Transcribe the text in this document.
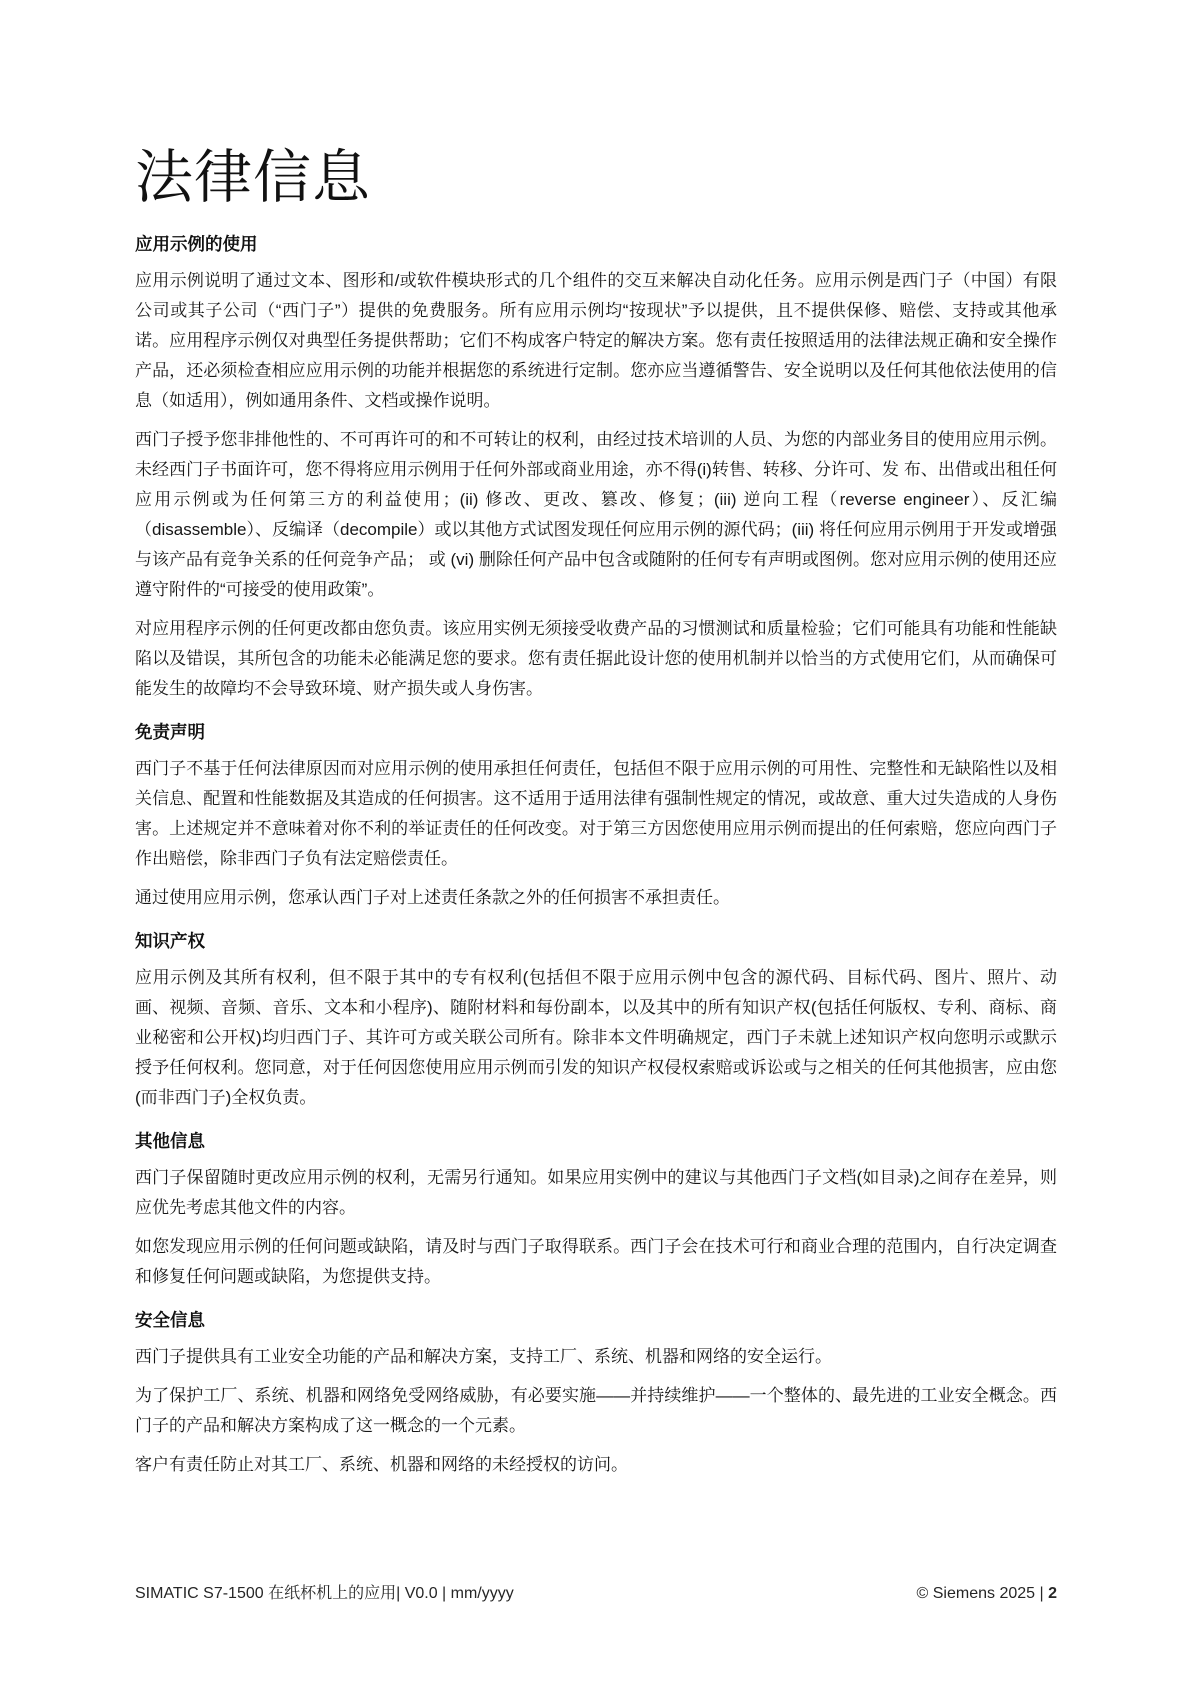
法律信息
应用示例的使用

应用示例说明了通过文本、图形和/或软件模块形式的几个组件的交互来解决自动化任务。应用示例是西门子（中国）有限公司或其子公司（“西门子”）提供的免费服务。所有应用示例均“按现状”予以提供，且不提供保修、赔偿、支持或其他承诺。应用程序示例仅对典型任务提供帮助；它们不构成客户特定的解决方案。您有责任按照适用的法律法规正确和安全操作产品，还必须检查相应应用示例的功能并根据您的系统进行定制。您亦应当遵循警告、安全说明以及任何其他依法使用的信息（如适用），例如通用条件、文档或操作说明。

西门子授予您非排他性的、不可再许可的和不可转让的权利，由经过技术培训的人员、为您的内部业务目的使用应用示例。未经西门子书面许可，您不得将应用示例用于任何外部或商业用途，亦不得(i)转售、转移、分许可、发 布、出借或出租任何应用示例或为任何第三方的利益使用；(ii) 修改、更改、篡改、修复；(iii) 逆向工程（reverse engineer）、反汇编（disassemble）、反编译（decompile）或以其他方式试图发现任何应用示例的源代码；(iii) 将任何应用示例用于开发或增强与该产品有竞争关系的任何竞争产品； 或 (vi) 删除任何产品中包含或随附的任何专有声明或图例。您对应用示例的使用还应遵守附件的“可接受的使用政策”。

对应用程序示例的任何更改都由您负责。该应用实例无须接受收费产品的习惯测试和质量检验；它们可能具有功能和性能缺陷以及错误，其所包含的功能未必能满足您的要求。您有责任据此设计您的使用机制并以恰当的方式使用它们，从而确保可能发生的故障均不会导致环境、财产损失或人身伤害。

免责声明

西门子不基于任何法律原因而对应用示例的使用承担任何责任，包括但不限于应用示例的可用性、完整性和无缺陷性以及相关信息、配置和性能数据及其造成的任何损害。这不适用于适用法律有强制性规定的情况，或故意、重大过失造成的人身伤害。上述规定并不意味着对你不利的举证责任的任何改变。对于第三方因您使用应用示例而提出的任何索赔，您应向西门子作出赔偿，除非西门子负有法定赔偿责任。

通过使用应用示例，您承认西门子对上述责任条款之外的任何损害不承担责任。

知识产权

应用示例及其所有权利，但不限于其中的专有权利(包括但不限于应用示例中包含的源代码、目标代码、图片、照片、动画、视频、音频、音乐、文本和小程序)、随附材料和每份副本，以及其中的所有知识产权(包括任何版权、专利、商标、商业秘密和公开权)均归西门子、其许可方或关联公司所有。除非本文件明确规定，西门子未就上述知识产权向您明示或默示授予任何权利。您同意，对于任何因您使用应用示例而引发的知识产权侵权索赔或诉讼或与之相关的任何其他损害，应由您(而非西门子)全权负责。

其他信息

西门子保留随时更改应用示例的权利，无需另行通知。如果应用实例中的建议与其他西门子文档(如目录)之间存在差异，则应优先考虑其他文件的内容。

如您发现应用示例的任何问题或缺陷，请及时与西门子取得联系。西门子会在技术可行和商业合理的范围内，自行决定调查和修复任何问题或缺陷，为您提供支持。

安全信息

西门子提供具有工业安全功能的产品和解决方案，支持工厂、系统、机器和网络的安全运行。

为了保护工厂、系统、机器和网络免受网络威胁，有必要实施——并持续维护——一个整体的、最先进的工业安全概念。西门子的产品和解决方案构成了这一概念的一个元素。

客户有责任防止对其工厂、系统、机器和网络的未经授权的访问。

SIMATIC S7-1500 在纸杯机上的应用| V0.0 | mm/yyyy	© Siemens 2025 | 2
